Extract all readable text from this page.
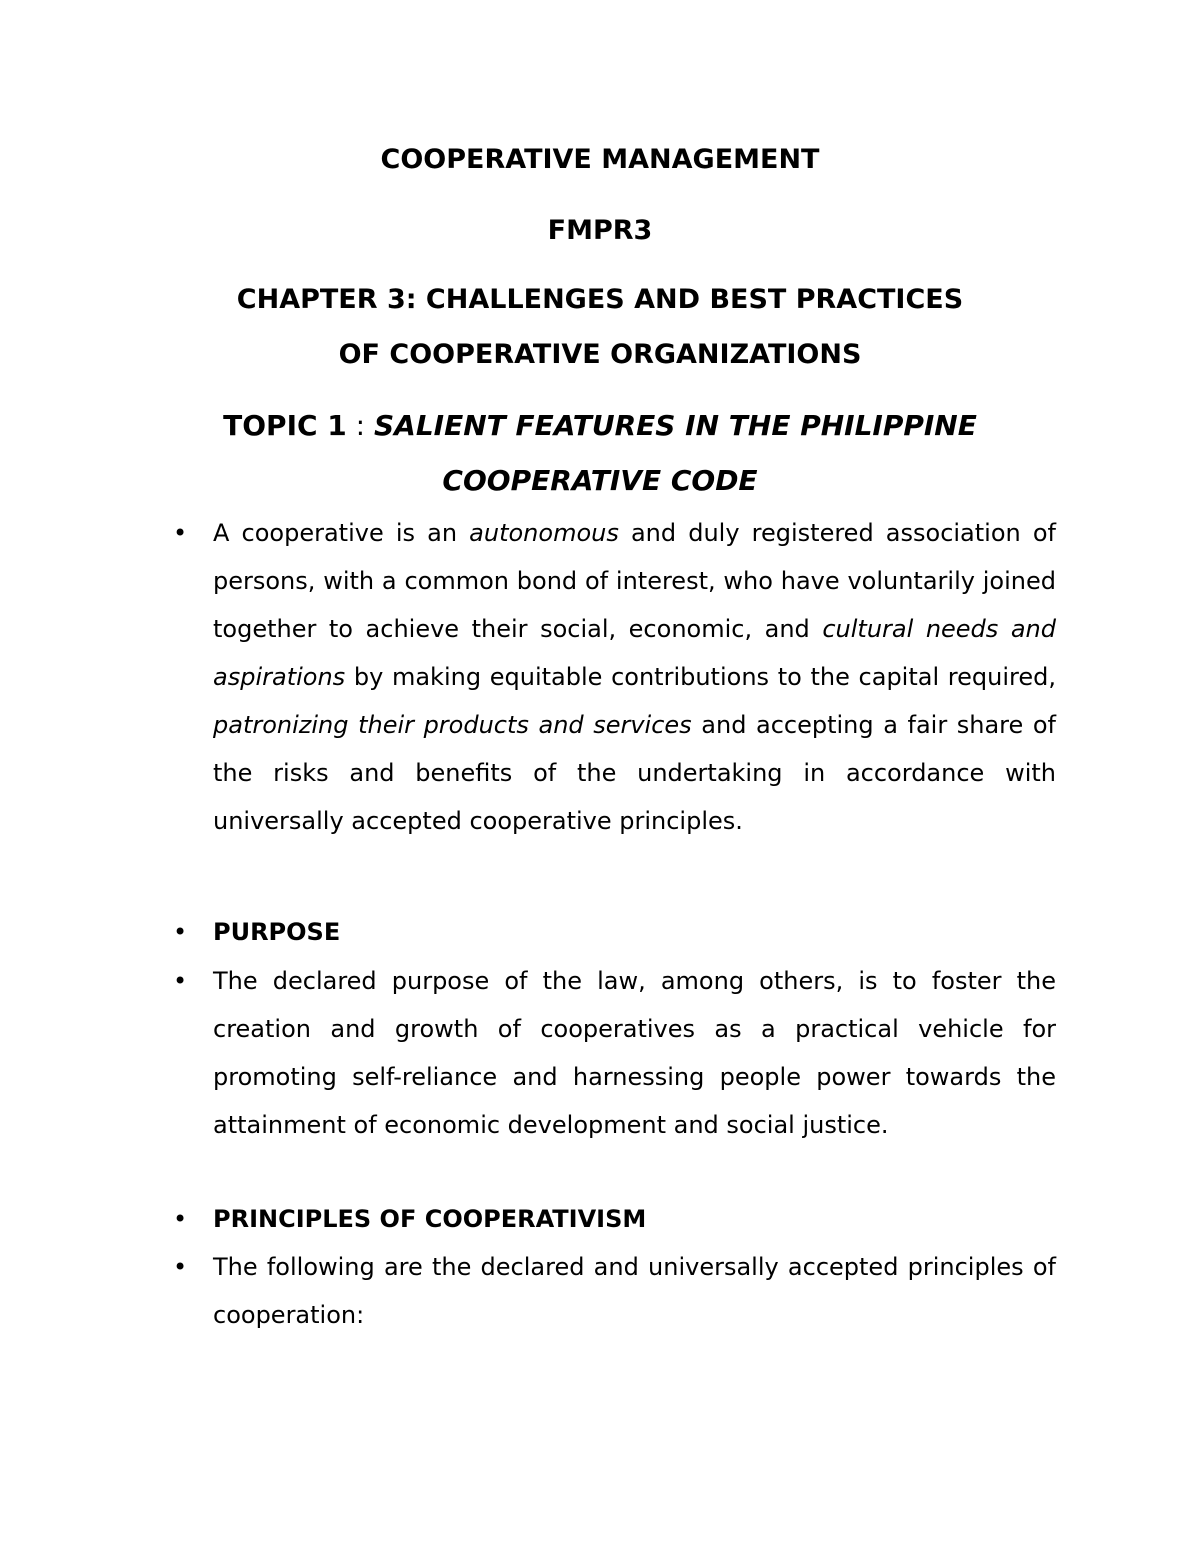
COOPERATIVE MANAGEMENT
FMPR3
CHAPTER 3: CHALLENGES AND BEST PRACTICES
OF COOPERATIVE ORGANIZATIONS
TOPIC 1 : SALIENT FEATURES IN THE PHILIPPINE
COOPERATIVE CODE
• A cooperative is an autonomous and duly registered association of persons, with a common bond of interest, who have voluntarily joined together to achieve their social, economic, and cultural needs and aspirations by making equitable contributions to the capital required, patronizing their products and services and accepting a fair share of the risks and benefits of the undertaking in accordance with universally accepted cooperative principles.

• PURPOSE

• The declared purpose of the law, among others, is to foster the creation and growth of cooperatives as a practical vehicle for promoting self-reliance and harnessing people power towards the attainment of economic development and social justice.

• PRINCIPLES OF COOPERATIVISM

• The following are the declared and universally accepted principles of cooperation:
